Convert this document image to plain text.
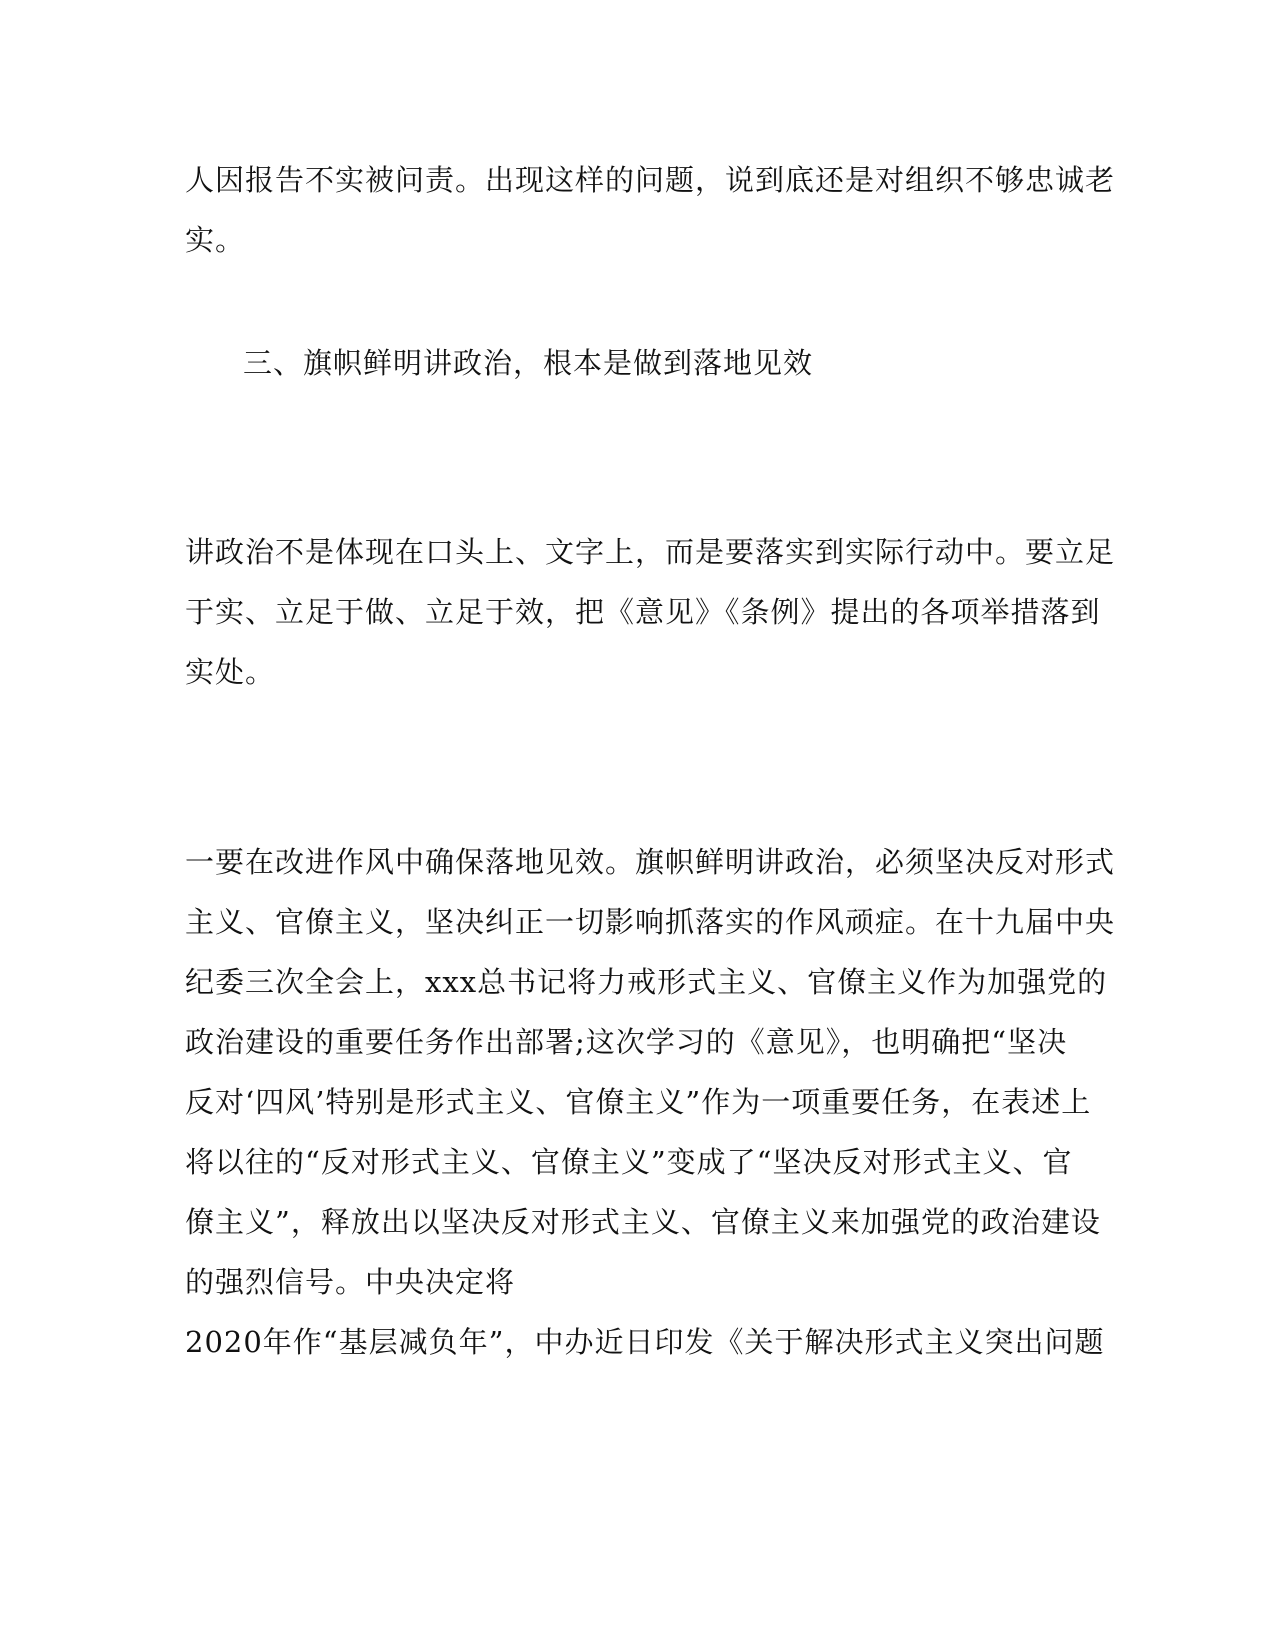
人因报告不实被问责。出现这样的问题，说到底还是对组织不够忠诚老
实。
三、旗帜鲜明讲政治，根本是做到落地见效
讲政治不是体现在口头上、文字上，而是要落实到实际行动中。要立足
于实、立足于做、立足于效，把《意见》《条例》提出的各项举措落到
实处。
一要在改进作风中确保落地见效。旗帜鲜明讲政治，必须坚决反对形式
主义、官僚主义，坚决纠正一切影响抓落实的作风顽症。在十九届中央
纪委三次全会上，xxx总书记将力戒形式主义、官僚主义作为加强党的
政治建设的重要任务作出部署;这次学习的《意见》，也明确把“坚决
反对‘四风’特别是形式主义、官僚主义”作为一项重要任务，在表述上
将以往的“反对形式主义、官僚主义”变成了“坚决反对形式主义、官
僚主义”，释放出以坚决反对形式主义、官僚主义来加强党的政治建设
的强烈信号。中央决定将
2020年作“基层减负年”，中办近日印发《关于解决形式主义突出问题
